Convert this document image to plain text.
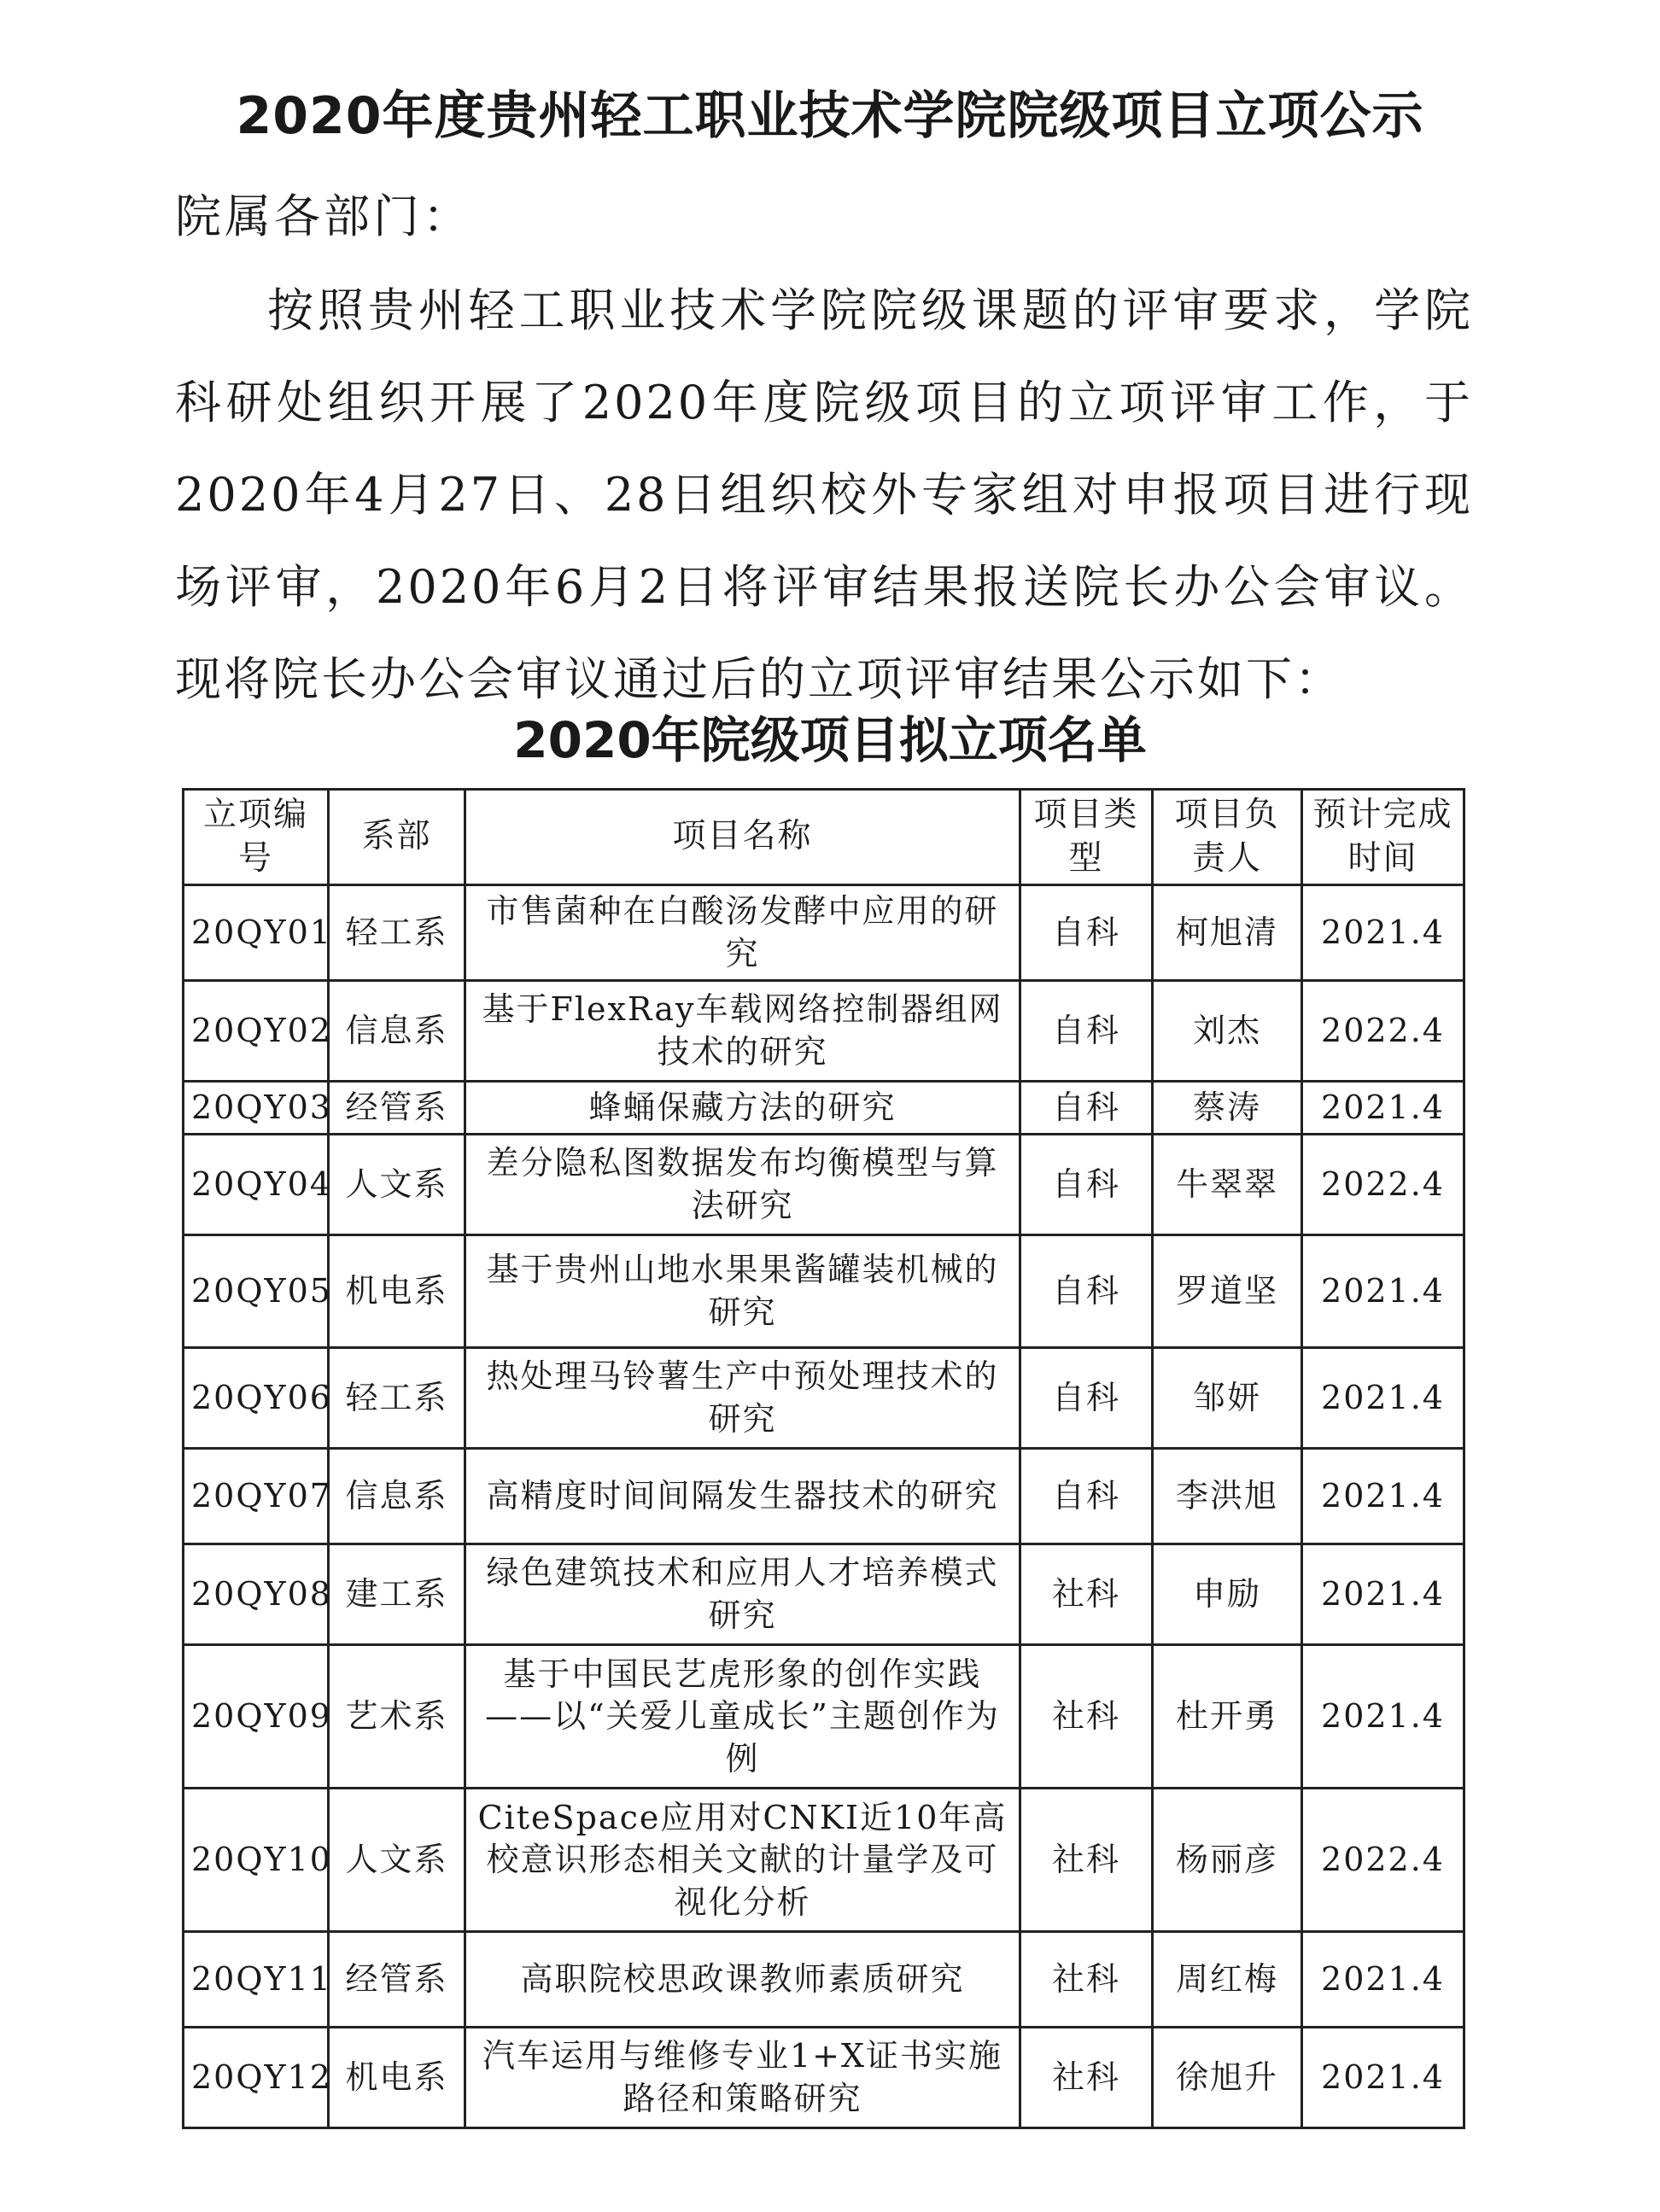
2020年度贵州轻工职业技术学院院级项目立项公示
院属各部门：
按照贵州轻工职业技术学院院级课题的评审要求，学院科研处组织开展了2020年度院级项目的立项评审工作，于2020年4月27日、28日组织校外专家组对申报项目进行现场评审，2020年6月2日将评审结果报送院长办公会审议。现将院长办公会审议通过后的立项评审结果公示如下：
2020年院级项目拟立项名单
立项编号	系部	项目名称	项目类型	项目负责人	预计完成时间
20QY01	轻工系	市售菌种在白酸汤发酵中应用的研究	自科	柯旭清	2021.4
20QY02	信息系	基于FlexRay车载网络控制器组网技术的研究	自科	刘杰	2022.4
20QY03	经管系	蜂蛹保藏方法的研究	自科	蔡涛	2021.4
20QY04	人文系	差分隐私图数据发布均衡模型与算法研究	自科	牛翠翠	2022.4
20QY05	机电系	基于贵州山地水果果酱罐装机械的研究	自科	罗道坚	2021.4
20QY06	轻工系	热处理马铃薯生产中预处理技术的研究	自科	邹妍	2021.4
20QY07	信息系	高精度时间间隔发生器技术的研究	自科	李洪旭	2021.4
20QY08	建工系	绿色建筑技术和应用人才培养模式研究	社科	申励	2021.4
20QY09	艺术系	基于中国民艺虎形象的创作实践——以“关爱儿童成长”主题创作为例	社科	杜开勇	2021.4
20QY10	人文系	CiteSpace应用对CNKI近10年高校意识形态相关文献的计量学及可视化分析	社科	杨丽彦	2022.4
20QY11	经管系	高职院校思政课教师素质研究	社科	周红梅	2021.4
20QY12	机电系	汽车运用与维修专业1+X证书实施路径和策略研究	社科	徐旭升	2021.4
